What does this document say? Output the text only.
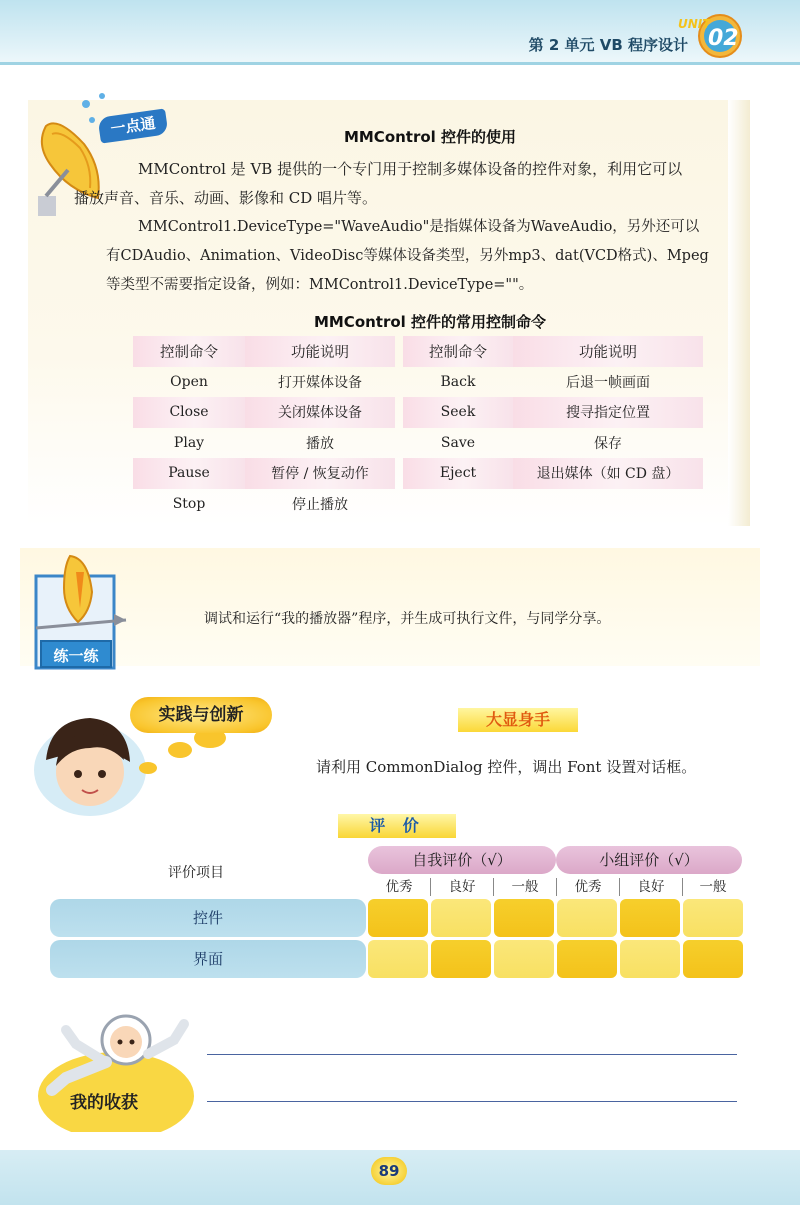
第 2 单元 VB 程序设计
UNIT
02
一点通	MMControl 控件的使用
MMControl 是 VB 提供的一个专门用于控制多媒体设备的控件对象，利用它可以
播放声音、音乐、动画、影像和 CD 唱片等。
MMControl1.DeviceType="WaveAudio"是指媒体设备为WaveAudio，另外还可以
有CDAudio、Animation、VideoDisc等媒体设备类型，另外mp3、dat(VCD格式)、Mpeg
等类型不需要指定设备，例如：MMControl1.DeviceType=""。
MMControl 控件的常用控制命令
控制命令	功能说明		控制命令	功能说明
Open	打开媒体设备		Back	后退一帧画面
Close	关闭媒体设备		Seek	搜寻指定位置
Play	播放		Save	保存
Pause	暂停 / 恢复动作		Eject	退出媒体（如 CD 盘）
Stop	停止播放			
练一练
调试和运行“我的播放器”程序，并生成可执行文件，与同学分享。
实践与创新	大显身手
请利用 CommonDialog 控件，调出 Font 设置对话框。
评 价
评价项目
自我评价（√）	小组评价（√）
优秀	良好	一般	优秀	良好	一般
控件
界面
我的收获
89
